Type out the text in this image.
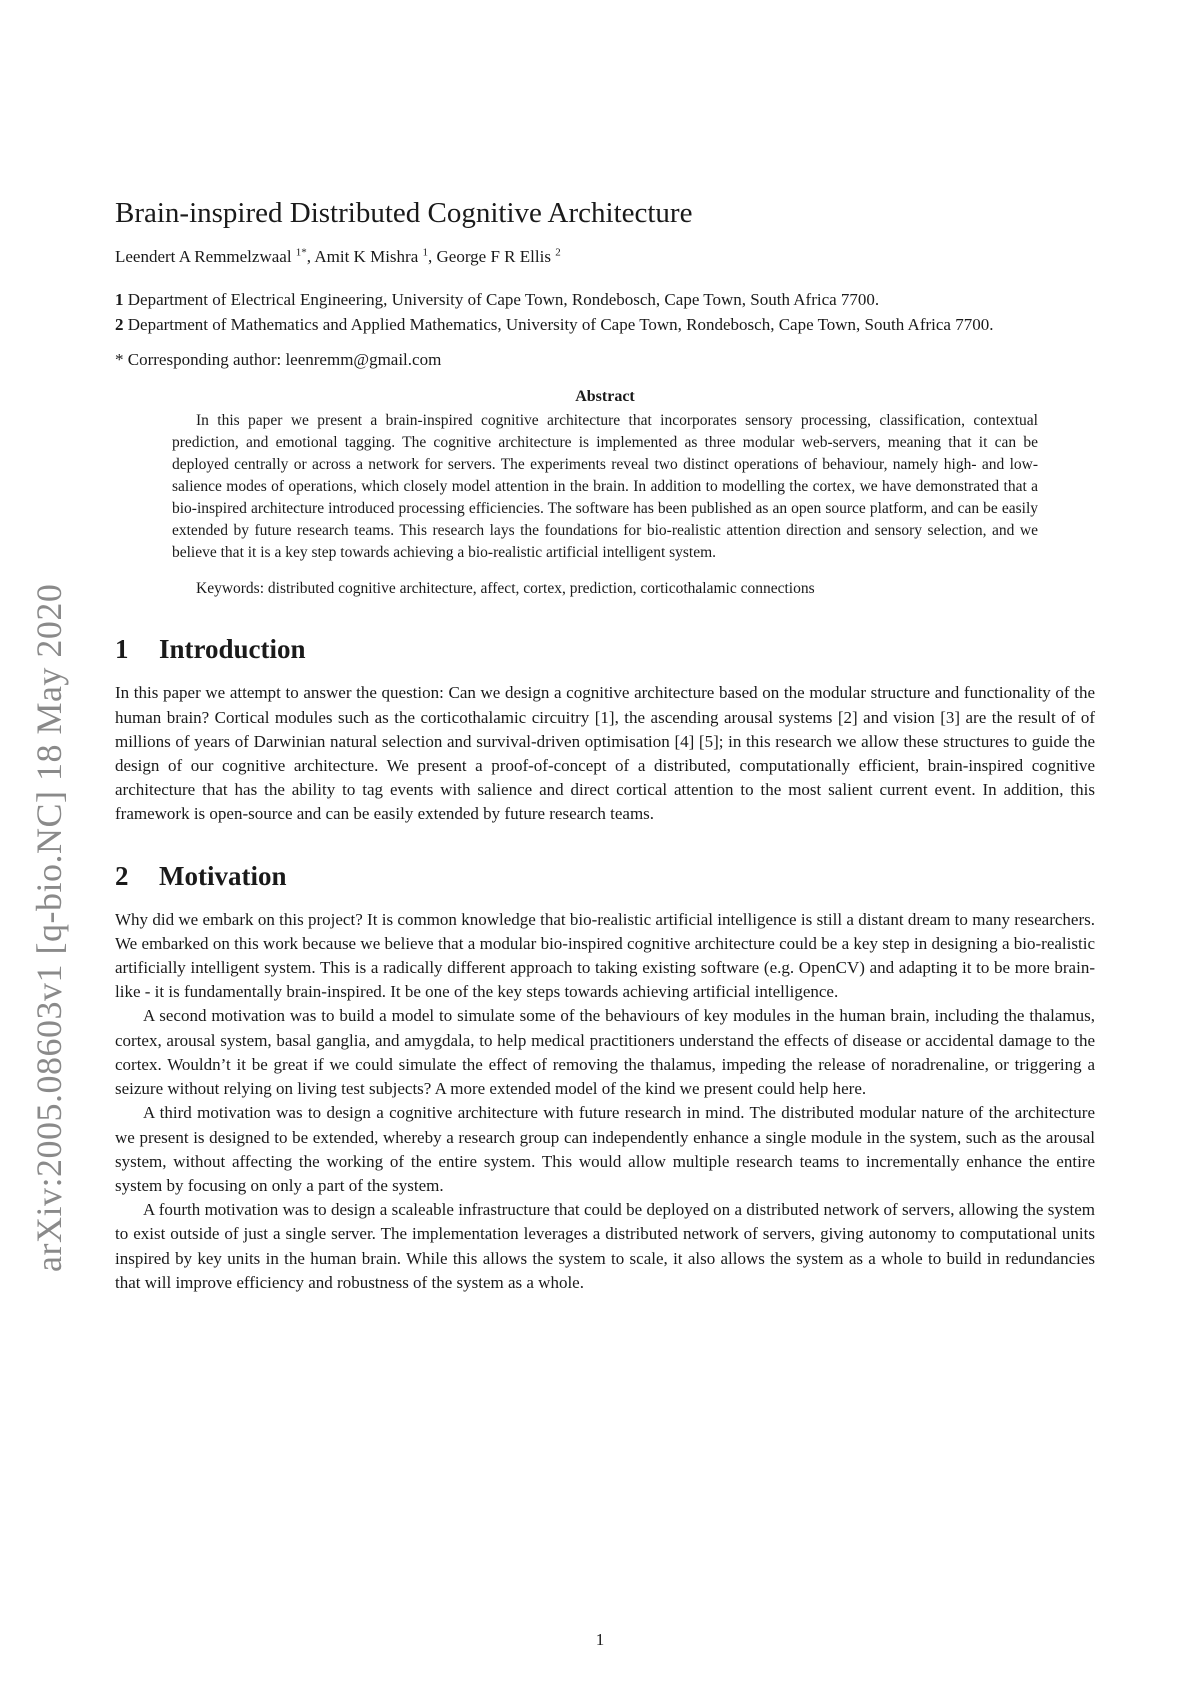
arXiv:2005.08603v1 [q-bio.NC] 18 May 2020
Brain-inspired Distributed Cognitive Architecture
Leendert A Remmelzwaal $^{1*}$, Amit K Mishra $^1$, George F R Ellis $^2$
1 Department of Electrical Engineering, University of Cape Town, Rondebosch, Cape Town, South Africa 7700.
2 Department of Mathematics and Applied Mathematics, University of Cape Town, Rondebosch, Cape Town, South Africa 7700.
* Corresponding author: leenremm@gmail.com
Abstract

In this paper we present a brain-inspired cognitive architecture that incorporates sensory processing, classification, contextual prediction, and emotional tagging. The cognitive architecture is implemented as three modular web-servers, meaning that it can be deployed centrally or across a network for servers. The experiments reveal two distinct operations of behaviour, namely high- and low-salience modes of operations, which closely model attention in the brain. In addition to modelling the cortex, we have demonstrated that a bio-inspired architecture introduced processing efficiencies. The software has been published as an open source platform, and can be easily extended by future research teams. This research lays the foundations for bio-realistic attention direction and sensory selection, and we believe that it is a key step towards achieving a bio-realistic artificial intelligent system.

Keywords: distributed cognitive architecture, affect, cortex, prediction, corticothalamic connections

1	Introduction

In this paper we attempt to answer the question: Can we design a cognitive architecture based on the modular structure and functionality of the human brain? Cortical modules such as the corticothalamic circuitry [1], the ascending arousal systems [2] and vision [3] are the result of of millions of years of Darwinian natural selection and survival-driven optimisation [4] [5]; in this research we allow these structures to guide the design of our cognitive architecture. We present a proof-of-concept of a distributed, computationally efficient, brain-inspired cognitive architecture that has the ability to tag events with salience and direct cortical attention to the most salient current event. In addition, this framework is open-source and can be easily extended by future research teams.

2	Motivation

Why did we embark on this project? It is common knowledge that bio-realistic artificial intelligence is still a distant dream to many researchers. We embarked on this work because we believe that a modular bio-inspired cognitive architecture could be a key step in designing a bio-realistic artificially intelligent system. This is a radically different approach to taking existing software (e.g. OpenCV) and adapting it to be more brain-like - it is fundamentally brain-inspired. It be one of the key steps towards achieving artificial intelligence.

A second motivation was to build a model to simulate some of the behaviours of key modules in the human brain, including the thalamus, cortex, arousal system, basal ganglia, and amygdala, to help medical practitioners understand the effects of disease or accidental damage to the cortex. Wouldn’t it be great if we could simulate the effect of removing the thalamus, impeding the release of noradrenaline, or triggering a seizure without relying on living test subjects? A more extended model of the kind we present could help here.

A third motivation was to design a cognitive architecture with future research in mind. The distributed modular nature of the architecture we present is designed to be extended, whereby a research group can independently enhance a single module in the system, such as the arousal system, without affecting the working of the entire system. This would allow multiple research teams to incrementally enhance the entire system by focusing on only a part of the system.

A fourth motivation was to design a scaleable infrastructure that could be deployed on a distributed network of servers, allowing the system to exist outside of just a single server. The implementation leverages a distributed network of servers, giving autonomy to computational units inspired by key units in the human brain. While this allows the system to scale, it also allows the system as a whole to build in redundancies that will improve efficiency and robustness of the system as a whole.

1
